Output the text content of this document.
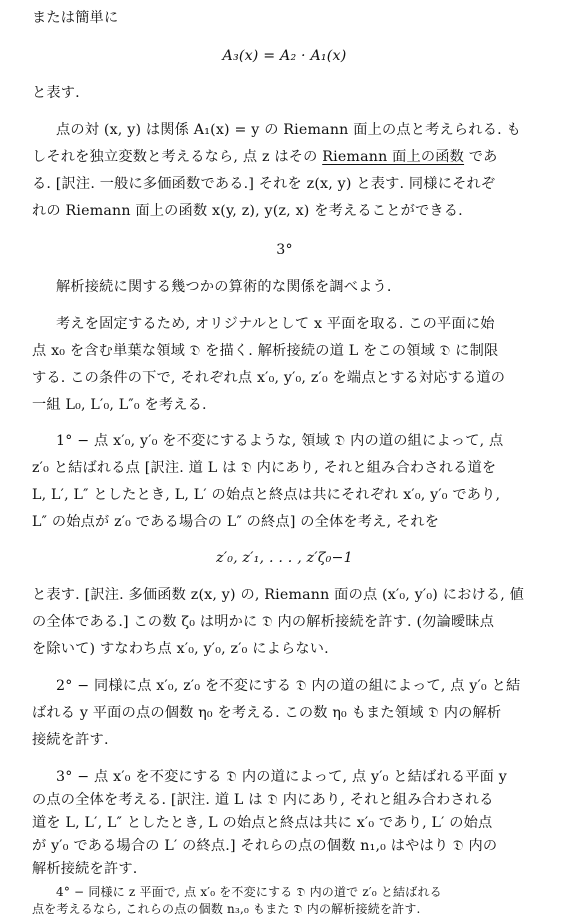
または簡単に
A₃(x) = A₂ · A₁(x)
と表す.
点の対 (x, y) は関係 A₁(x) = y の Riemann 面上の点と考えられる. も
しそれを独立変数と考えるなら, 点 z はその Riemann 面上の函数 であ
る. [訳注. 一般に多価函数である.] それを z(x, y) と表す. 同様にそれぞ
れの Riemann 面上の函数 x(y, z), y(z, x) を考えることができる.
3°
解析接続に関する幾つかの算術的な関係を調べよう.
考えを固定するため, オリジナルとして x 平面を取る. この平面に始
点 x₀ を含む単葉な領域 𝔇 を描く. 解析接続の道 L をこの領域 𝔇 に制限
する. この条件の下で, それぞれ点 x′₀, y′₀, z′₀ を端点とする対応する道の
一組 L₀, L′₀, L″₀ を考える.
1° − 点 x′₀, y′₀ を不変にするような, 領域 𝔇 内の道の組によって, 点
z′₀ と結ばれる点 [訳注. 道 L は 𝔇 内にあり, それと組み合わされる道を
L, L′, L″ としたとき, L, L′ の始点と終点は共にそれぞれ x′₀, y′₀ であり,
L″ の始点が z′₀ である場合の L″ の終点] の全体を考え, それを
z′₀, z′₁, . . . , z′ζ₀−1
と表す. [訳注. 多価函数 z(x, y) の, Riemann 面の点 (x′₀, y′₀) における, 値
の全体である.] この数 ζ₀ は明かに 𝔇 内の解析接続を許す. (勿論曖昧点
を除いて) すなわち点 x′₀, y′₀, z′₀ によらない.
2° − 同様に点 x′₀, z′₀ を不変にする 𝔇 内の道の組によって, 点 y′₀ と結
ばれる y 平面の点の個数 η₀ を考える. この数 η₀ もまた領域 𝔇 内の解析
接続を許す.
3° − 点 x′₀ を不変にする 𝔇 内の道によって, 点 y′₀ と結ばれる平面 y
の点の全体を考える. [訳注. 道 L は 𝔇 内にあり, それと組み合わされる
道を L, L′, L″ としたとき, L の始点と終点は共に x′₀ であり, L′ の始点
が y′₀ である場合の L′ の終点.] それらの点の個数 n₁,₀ はやはり 𝔇 内の
解析接続を許す.
4° − 同様に z 平面で, 点 x′₀ を不変にする 𝔇 内の道で z′₀ と結ばれる
点を考えるなら, これらの点の個数 n₃,₀ もまた 𝔇 内の解析接続を許す.
